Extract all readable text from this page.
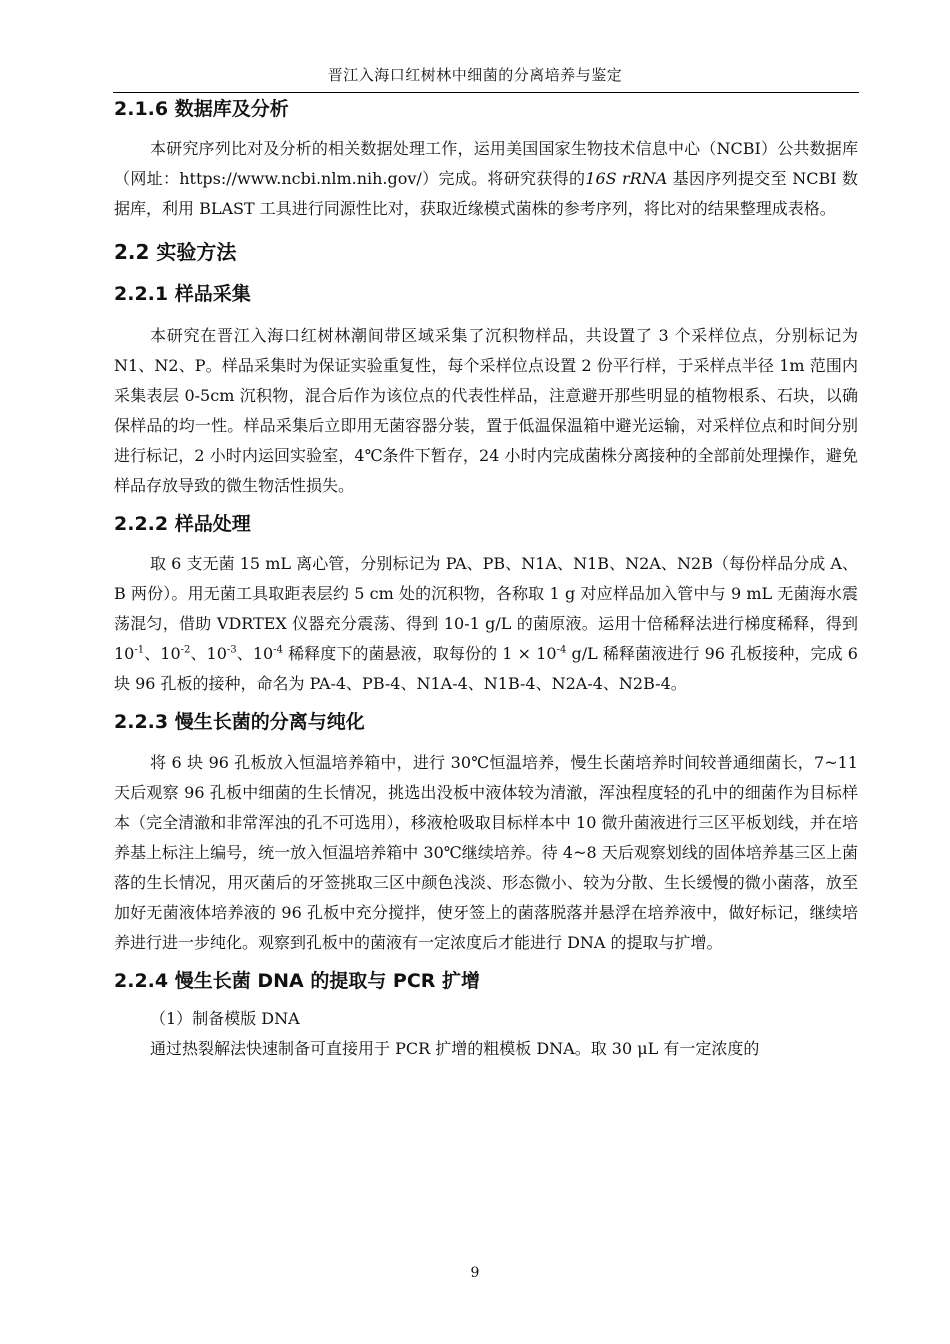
晋江入海口红树林中细菌的分离培养与鉴定
2.1.6 数据库及分析

本研究序列比对及分析的相关数据处理工作，运用美国国家生物技术信息中心（NCBI）公共数据库（网址：https://www.ncbi.nlm.nih.gov/）完成。将研究获得的16S rRNA 基因序列提交至 NCBI 数据库，利用 BLAST 工具进行同源性比对，获取近缘模式菌株的参考序列，将比对的结果整理成表格。

2.2 实验方法
2.2.1 样品采集

本研究在晋江入海口红树林潮间带区域采集了沉积物样品，共设置了 3 个采样位点，分别标记为 N1、N2、P。样品采集时为保证实验重复性，每个采样位点设置 2 份平行样，于采样点半径 1m 范围内采集表层 0-5cm 沉积物，混合后作为该位点的代表性样品，注意避开那些明显的植物根系、石块，以确保样品的均一性。样品采集后立即用无菌容器分装，置于低温保温箱中避光运输，对采样位点和时间分别进行标记，2 小时内运回实验室，4℃条件下暂存，24 小时内完成菌株分离接种的全部前处理操作，避免样品存放导致的微生物活性损失。

2.2.2 样品处理

取 6 支无菌 15 mL 离心管，分别标记为 PA、PB、N1A、N1B、N2A、N2B（每份样品分成 A、B 两份）。用无菌工具取距表层约 5 cm 处的沉积物，各称取 1 g 对应样品加入管中与 9 mL 无菌海水震荡混匀，借助 VDRTEX 仪器充分震荡、得到 10-1 g/L 的菌原液。运用十倍稀释法进行梯度稀释，得到 $10^{-1}$、$10^{-2}$、$10^{-3}$、$10^{-4}$ 稀释度下的菌悬液，取每份的 $1 \times 10^{-4}$ g/L 稀释菌液进行 96 孔板接种，完成 6 块 96 孔板的接种，命名为 PA-4、PB-4、N1A-4、N1B-4、N2A-4、N2B-4。

2.2.3 慢生长菌的分离与纯化

将 6 块 96 孔板放入恒温培养箱中，进行 30℃恒温培养，慢生长菌培养时间较普通细菌长，7~11 天后观察 96 孔板中细菌的生长情况，挑选出没板中液体较为清澈，浑浊程度轻的孔中的细菌作为目标样本（完全清澈和非常浑浊的孔不可选用），移液枪吸取目标样本中 10 微升菌液进行三区平板划线，并在培养基上标注上编号，统一放入恒温培养箱中 30℃继续培养。待 4~8 天后观察划线的固体培养基三区上菌落的生长情况，用灭菌后的牙签挑取三区中颜色浅淡、形态微小、较为分散、生长缓慢的微小菌落，放至加好无菌液体培养液的 96 孔板中充分搅拌，使牙签上的菌落脱落并悬浮在培养液中，做好标记，继续培养进行进一步纯化。观察到孔板中的菌液有一定浓度后才能进行 DNA 的提取与扩增。

2.2.4 慢生长菌 DNA 的提取与 PCR 扩增
（1）制备模版 DNA

通过热裂解法快速制备可直接用于 PCR 扩增的粗模板 DNA。取 30 μL 有一定浓度的

9
